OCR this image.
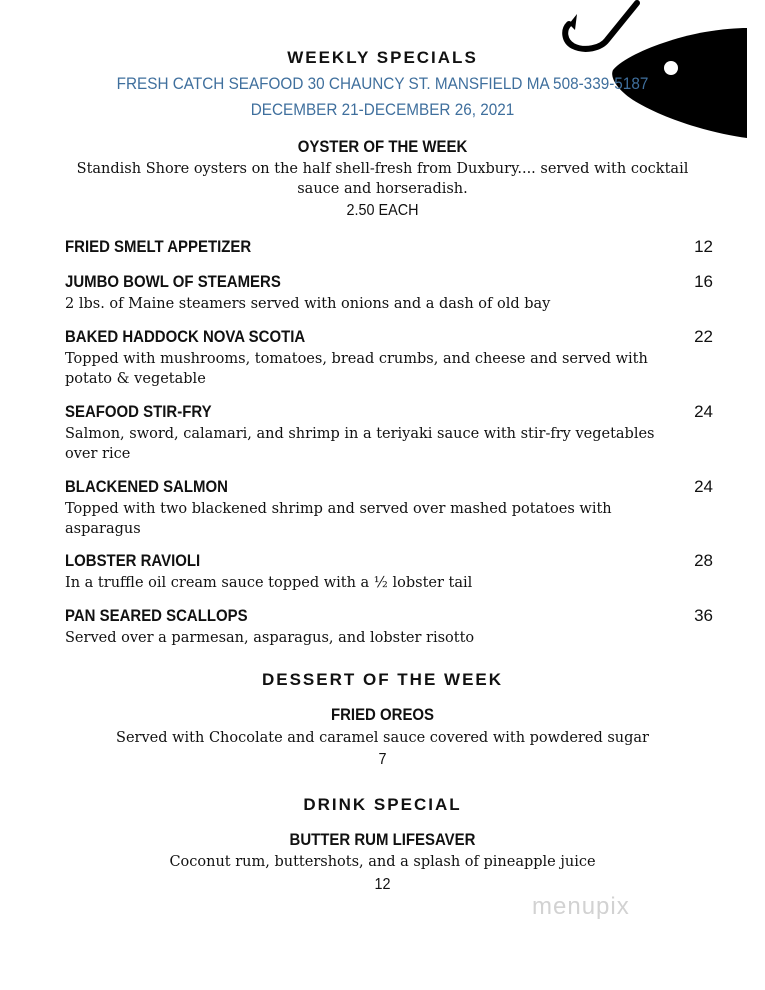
WEEKLY SPECIALS
FRESH CATCH SEAFOOD 30 CHAUNCY ST. MANSFIELD MA 508-339-5187
DECEMBER 21-DECEMBER 26, 2021
OYSTER OF THE WEEK
Standish Shore oysters on the half shell-fresh from Duxbury.... served with cocktail sauce and horseradish.
2.50 EACH
FRIED SMELT APPETIZER	12
JUMBO BOWL OF STEAMERS	16
2 lbs. of Maine steamers served with onions and a dash of old bay
BAKED HADDOCK NOVA SCOTIA	22
Topped with mushrooms, tomatoes, bread crumbs, and cheese and served with potato & vegetable
SEAFOOD STIR-FRY	24
Salmon, sword, calamari, and shrimp in a teriyaki sauce with stir-fry vegetables over rice
BLACKENED SALMON	24
Topped with two blackened shrimp and served over mashed potatoes with asparagus
LOBSTER RAVIOLI	28
In a truffle oil cream sauce topped with a ½ lobster tail
PAN SEARED SCALLOPS	36
Served over a parmesan, asparagus, and lobster risotto
DESSERT OF THE WEEK
FRIED OREOS
Served with Chocolate and caramel sauce covered with powdered sugar
7
DRINK SPECIAL
BUTTER RUM LIFESAVER
Coconut rum, buttershots, and a splash of pineapple juice
12
menupix
